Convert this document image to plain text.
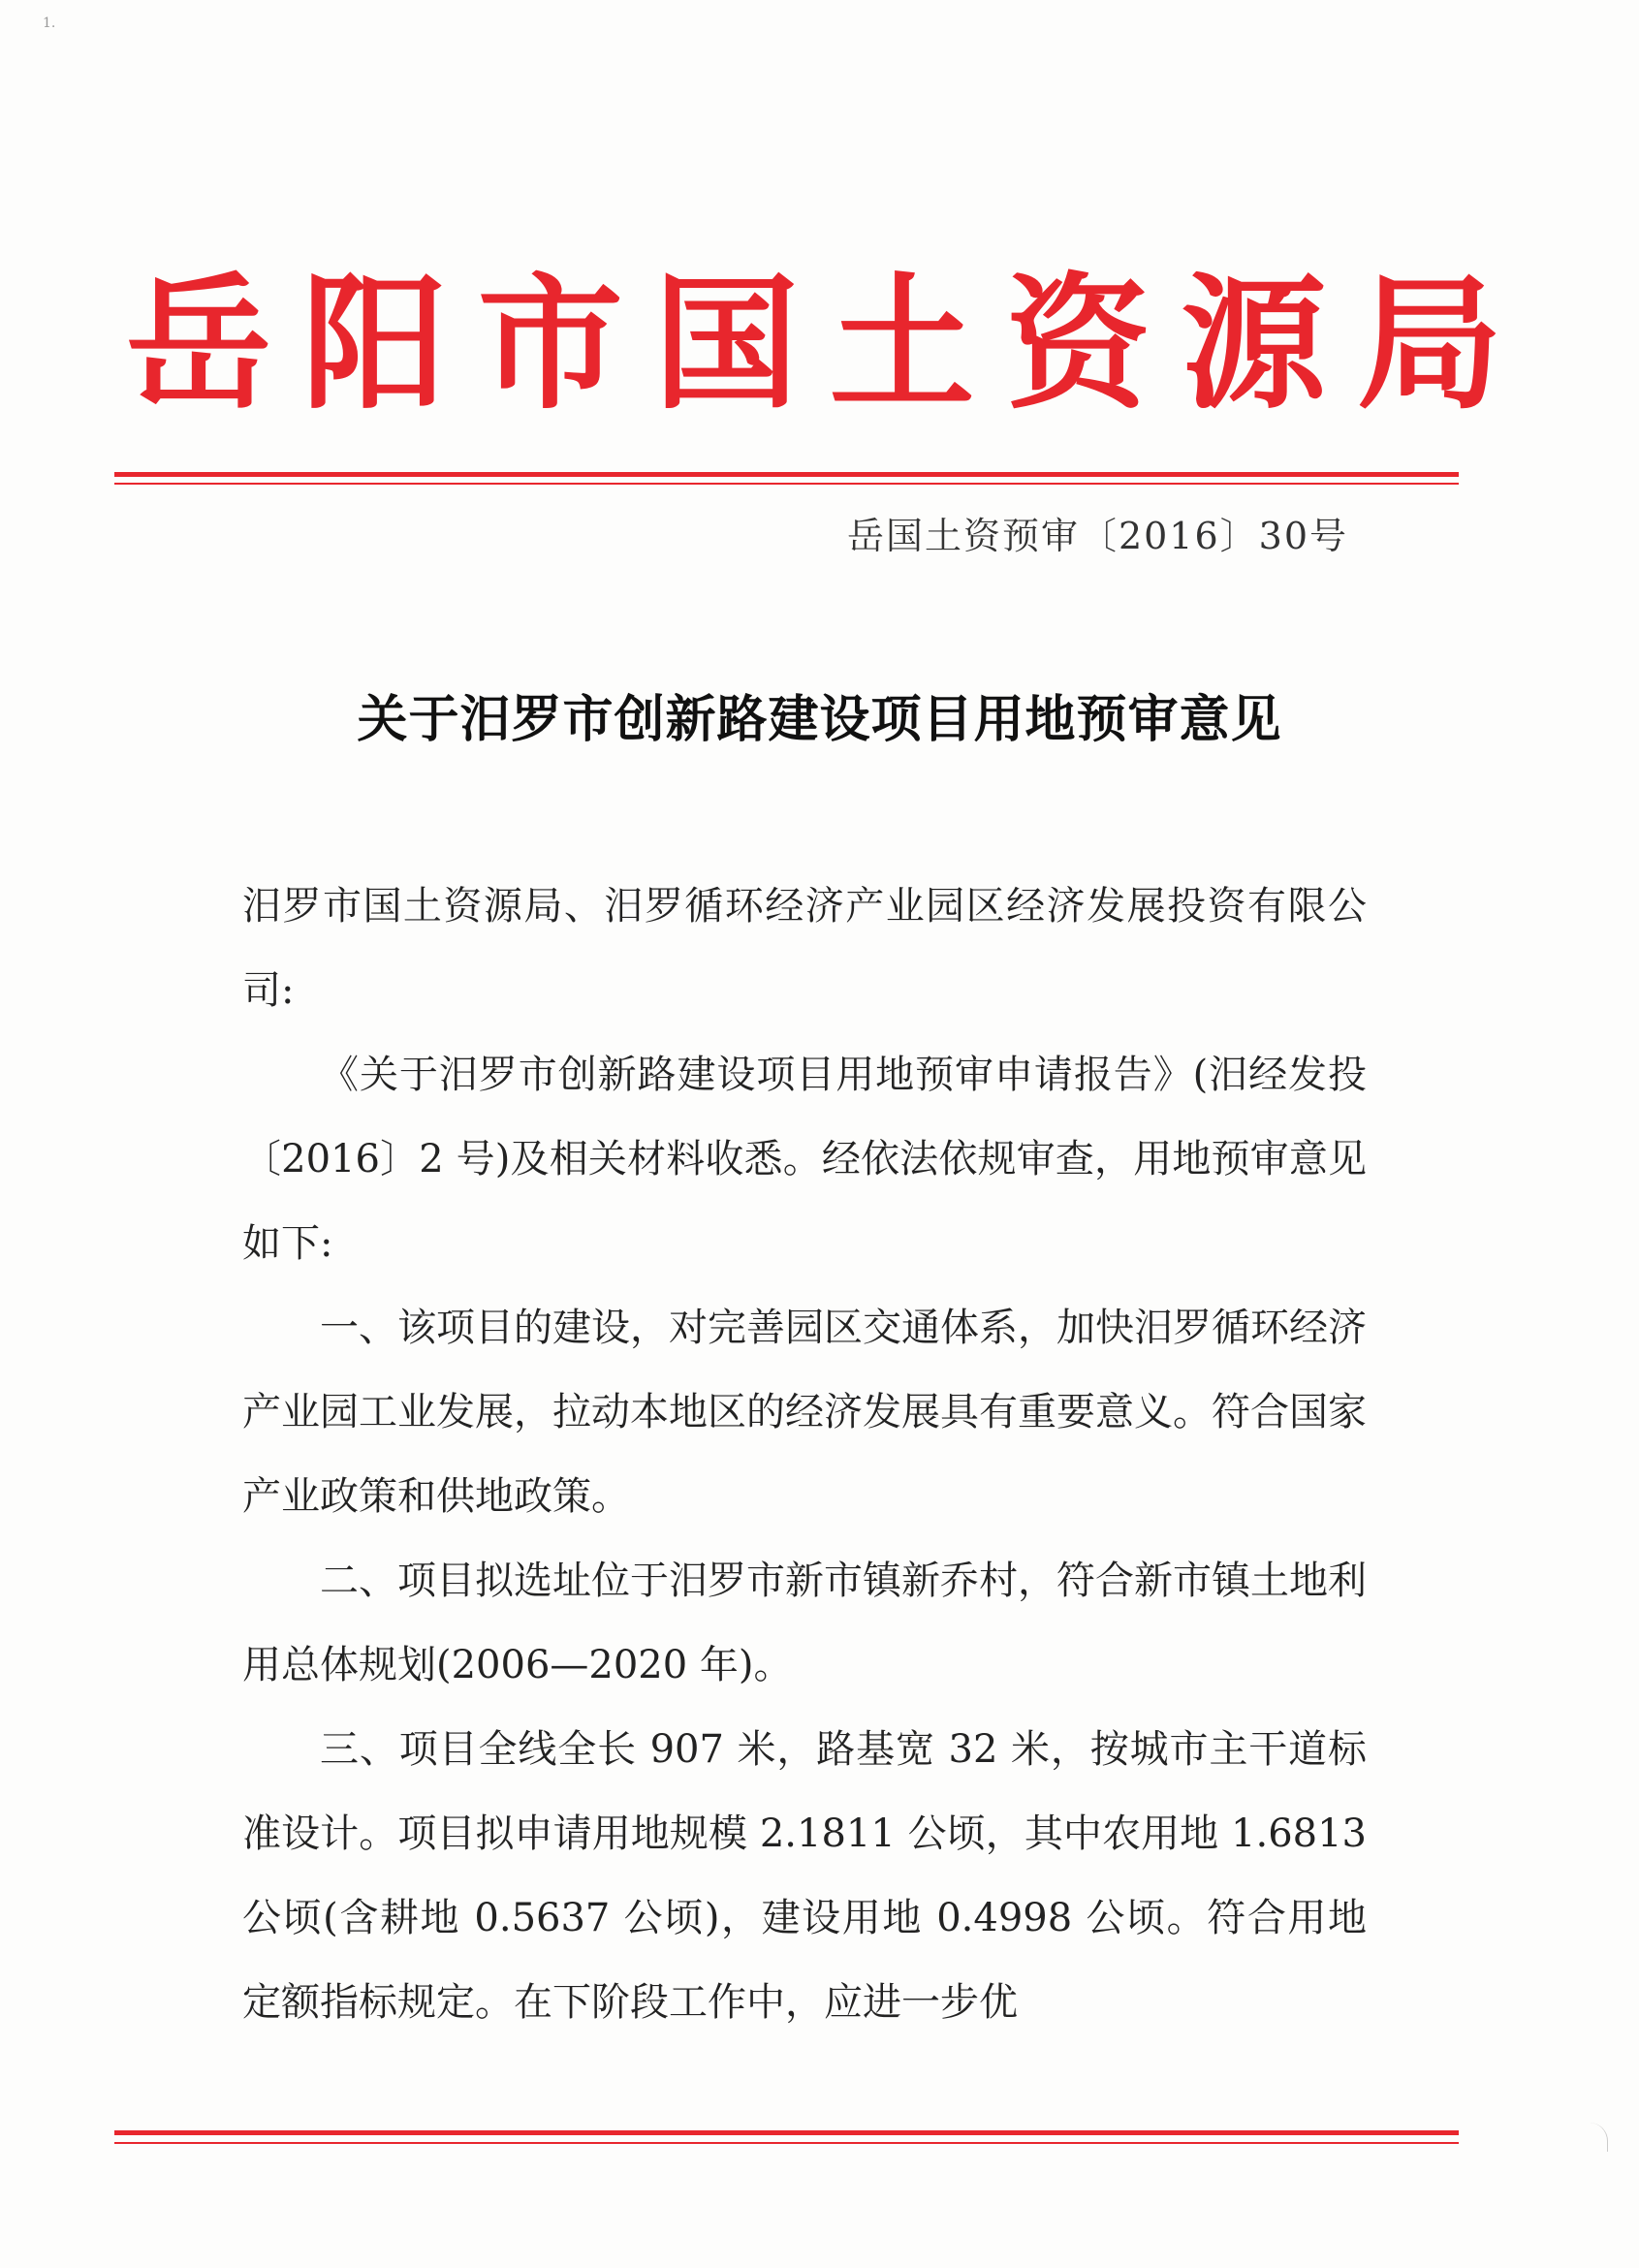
1.
岳 阳 市 国 土 资 源 局
岳国土资预审〔2016〕30号
关于汨罗市创新路建设项目用地预审意见

汨罗市国土资源局、汨罗循环经济产业园区经济发展投资有限公司:

《关于汨罗市创新路建设项目用地预审申请报告》(汨经发投〔2016〕2 号)及相关材料收悉。经依法依规审查，用地预审意见如下:

一、该项目的建设，对完善园区交通体系，加快汨罗循环经济产业园工业发展，拉动本地区的经济发展具有重要意义。符合国家产业政策和供地政策。

二、项目拟选址位于汨罗市新市镇新乔村，符合新市镇土地利用总体规划(2006—2020 年)。

三、项目全线全长 907 米，路基宽 32 米，按城市主干道标准设计。项目拟申请用地规模 2.1811 公顷，其中农用地 1.6813 公顷(含耕地 0.5637 公顷)，建设用地 0.4998 公顷。符合用地定额指标规定。在下阶段工作中，应进一步优
